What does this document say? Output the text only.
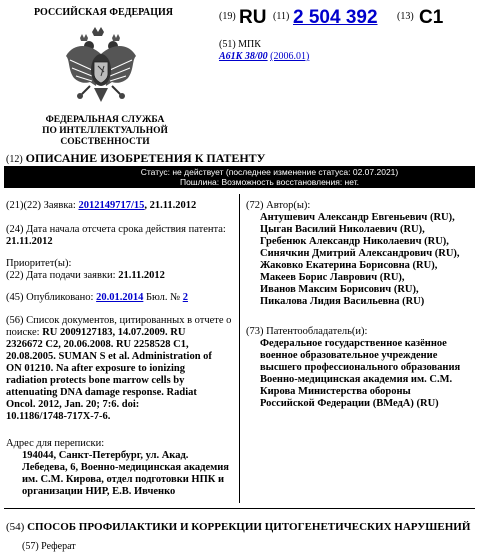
РОССИЙСКАЯ ФЕДЕРАЦИЯ
ФЕДЕРАЛЬНАЯ СЛУЖБА
ПО ИНТЕЛЛЕКТУАЛЬНОЙ СОБСТВЕННОСТИ
(19) RU (11) 2 504 392 (13) C1
(51) МПК
A61K 38/00 (2006.01)
(12) ОПИСАНИЕ ИЗОБРЕТЕНИЯ К ПАТЕНТУ
Статус: не действует (последнее изменение статуса: 02.07.2021)
Пошлина: Возможность восстановления: нет.
(21)(22) Заявка: 2012149717/15, 21.11.2012
(24) Дата начала отсчета срока действия патента:
21.11.2012
Приоритет(ы):
(22) Дата подачи заявки: 21.11.2012
(45) Опубликовано: 20.01.2014 Бюл. № 2
(56) Список документов, цитированных в отчете о
поиске: RU 2009127183, 14.07.2009. RU
2326672 C2, 20.06.2008. RU 2258528 C1,
20.08.2005. SUMAN S et al. Administration of
ON 01210. Na after exposure to ionizing
radiation protects bone marrow cells by
attenuating DNA damage response. Radiat
Oncol. 2012, Jan. 20; 7:6. doi:
10.1186/1748-717X-7-6.
Адрес для переписки:
194044, Санкт-Петербург, ул. Акад.
Лебедева, 6, Военно-медицинская академия
им. С.М. Кирова, отдел подготовки НПК и
организации НИР, Е.В. Ивченко
(72) Автор(ы):
Антушевич Александр Евгеньевич (RU),
Цыган Василий Николаевич (RU),
Гребенюк Александр Николаевич (RU),
Синячкин Дмитрий Александрович (RU),
Жаковко Екатерина Борисовна (RU),
Макеев Борис Лаврович (RU),
Иванов Максим Борисович (RU),
Пикалова Лидия Васильевна (RU)
(73) Патентообладатель(и):
Федеральное государственное казённое
военное образовательное учреждение
высшего профессионального образования
Военно-медицинская академия им. С.М.
Кирова Министерства обороны
Российской Федерации (ВМедА) (RU)
(54) СПОСОБ ПРОФИЛАКТИКИ И КОРРЕКЦИИ ЦИТОГЕНЕТИЧЕСКИХ НАРУШЕНИЙ
(57) Реферат
